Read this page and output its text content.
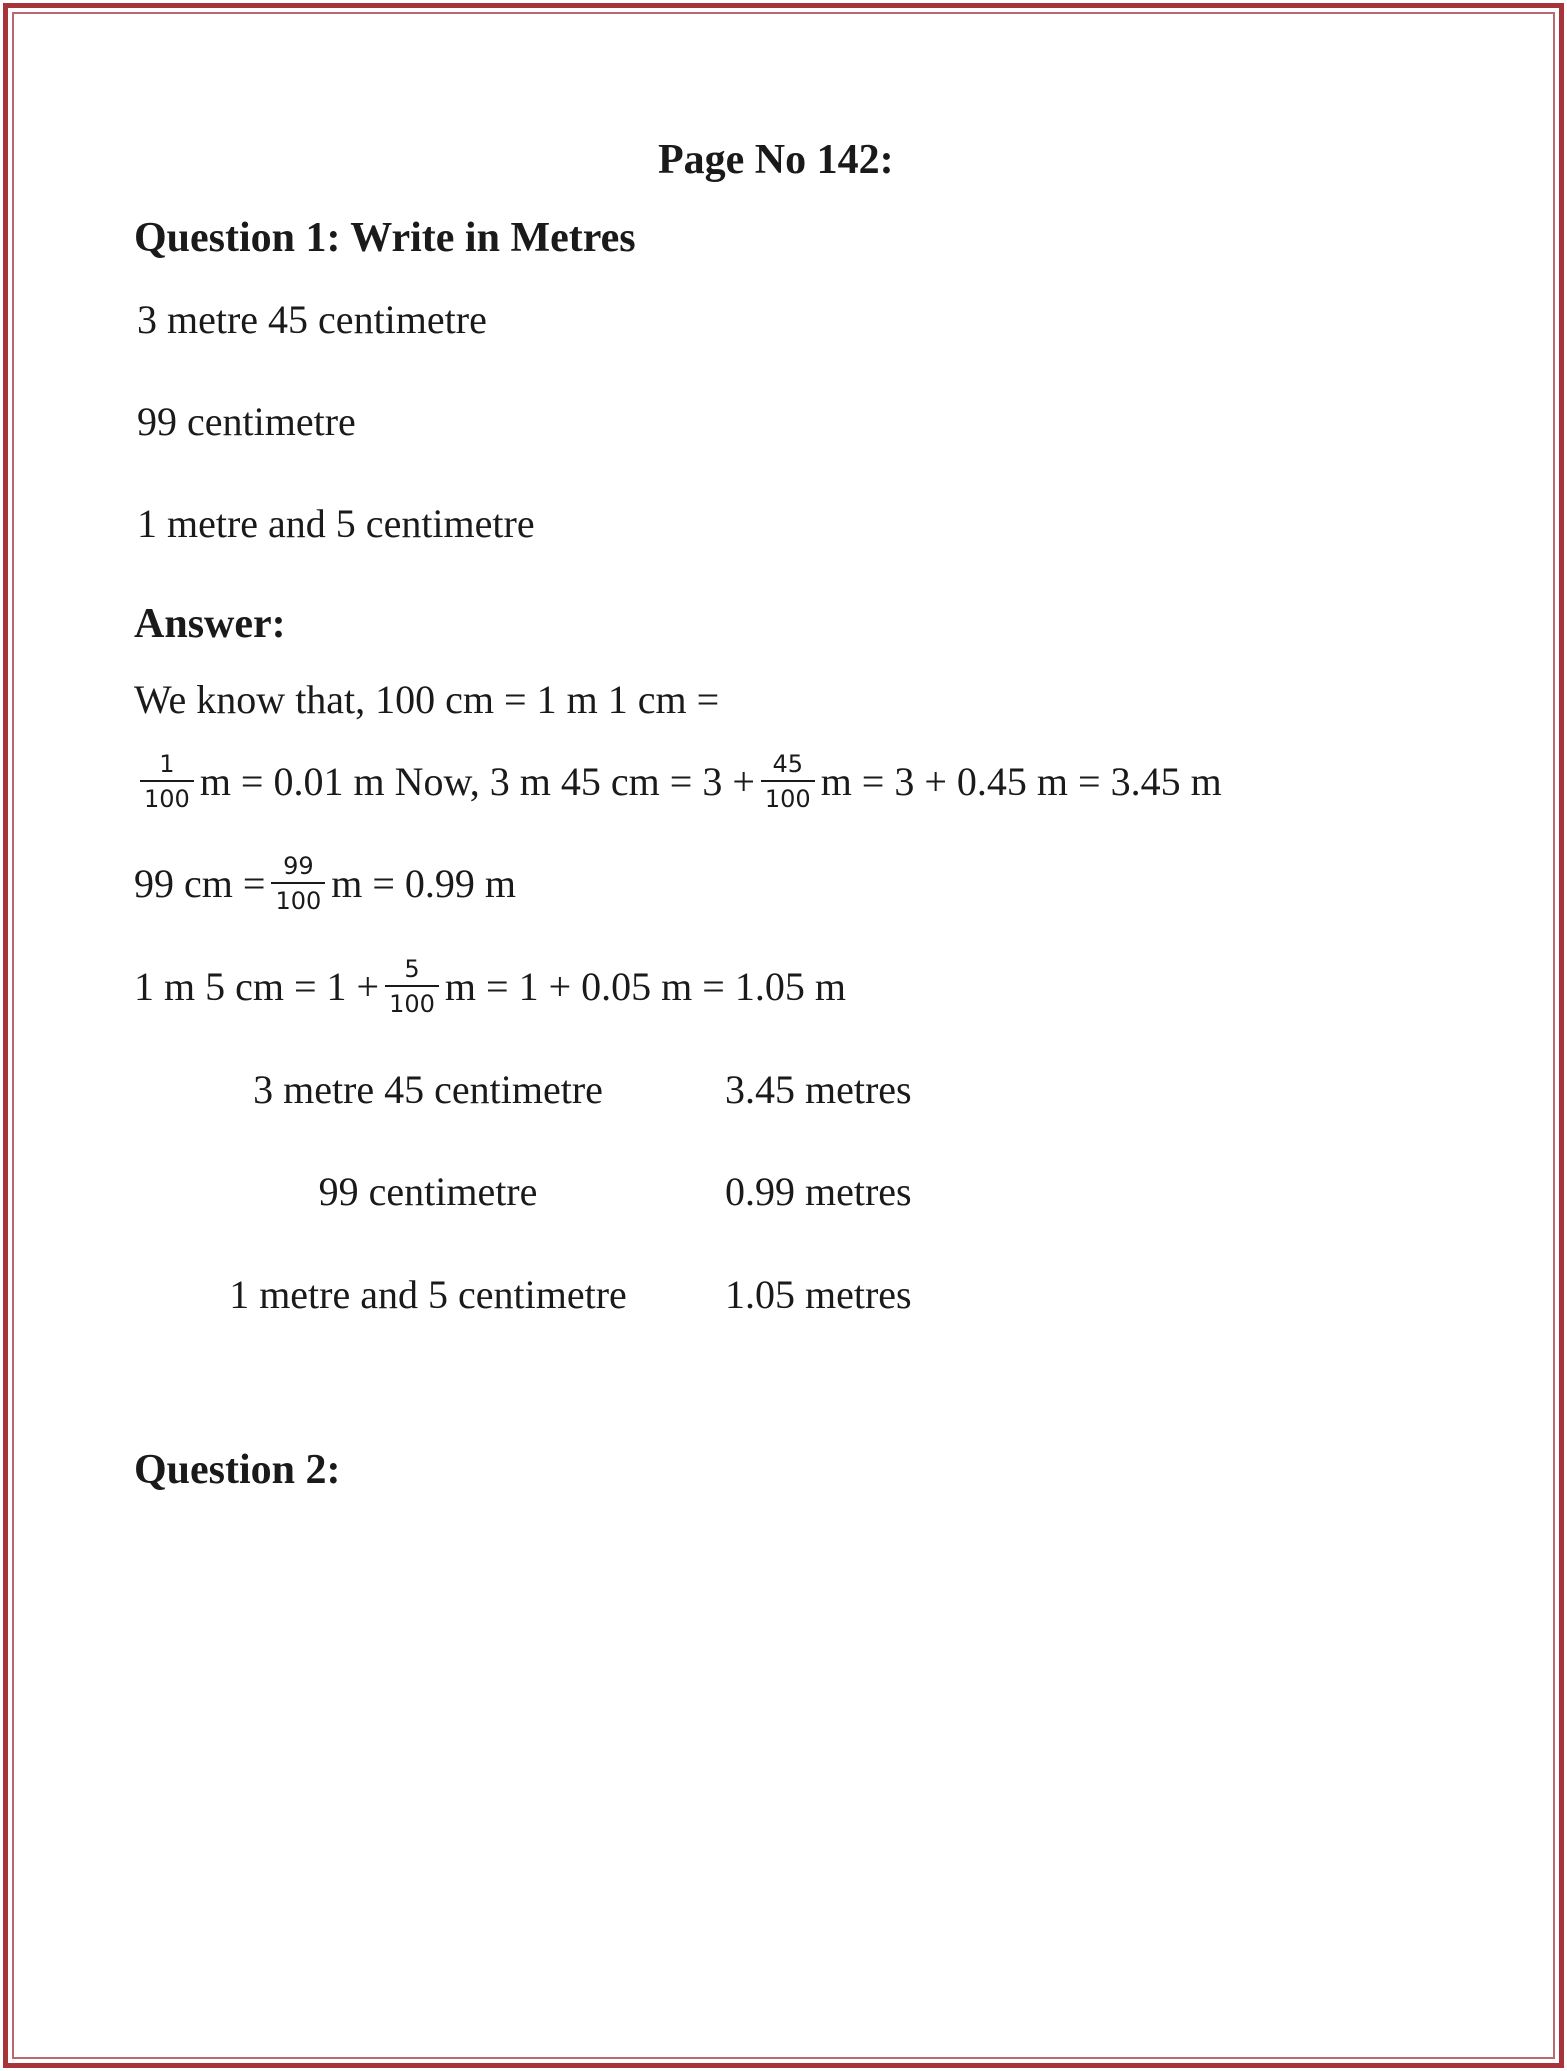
Page No 142:
Question 1: Write in Metres
3 metre 45 centimetre
99 centimetre
1 metre and 5 centimetre
Answer:
We know that, 100 cm = 1 m 1 cm =
$\frac{1}{100}$ m = 0.01 m Now, 3 m 45 cm = $3 + \frac{45}{100}$ m = 3 + 0.45 m = 3.45 m
99 cm = $\frac{99}{100}$ m = 0.99 m
1 m 5 cm = $1 + \frac{5}{100}$ m = 1 + 0.05 m = 1.05 m
3 metre 45 centimetre	3.45 metres
99 centimetre	0.99 metres
1 metre and 5 centimetre	1.05 metres
Question 2:
